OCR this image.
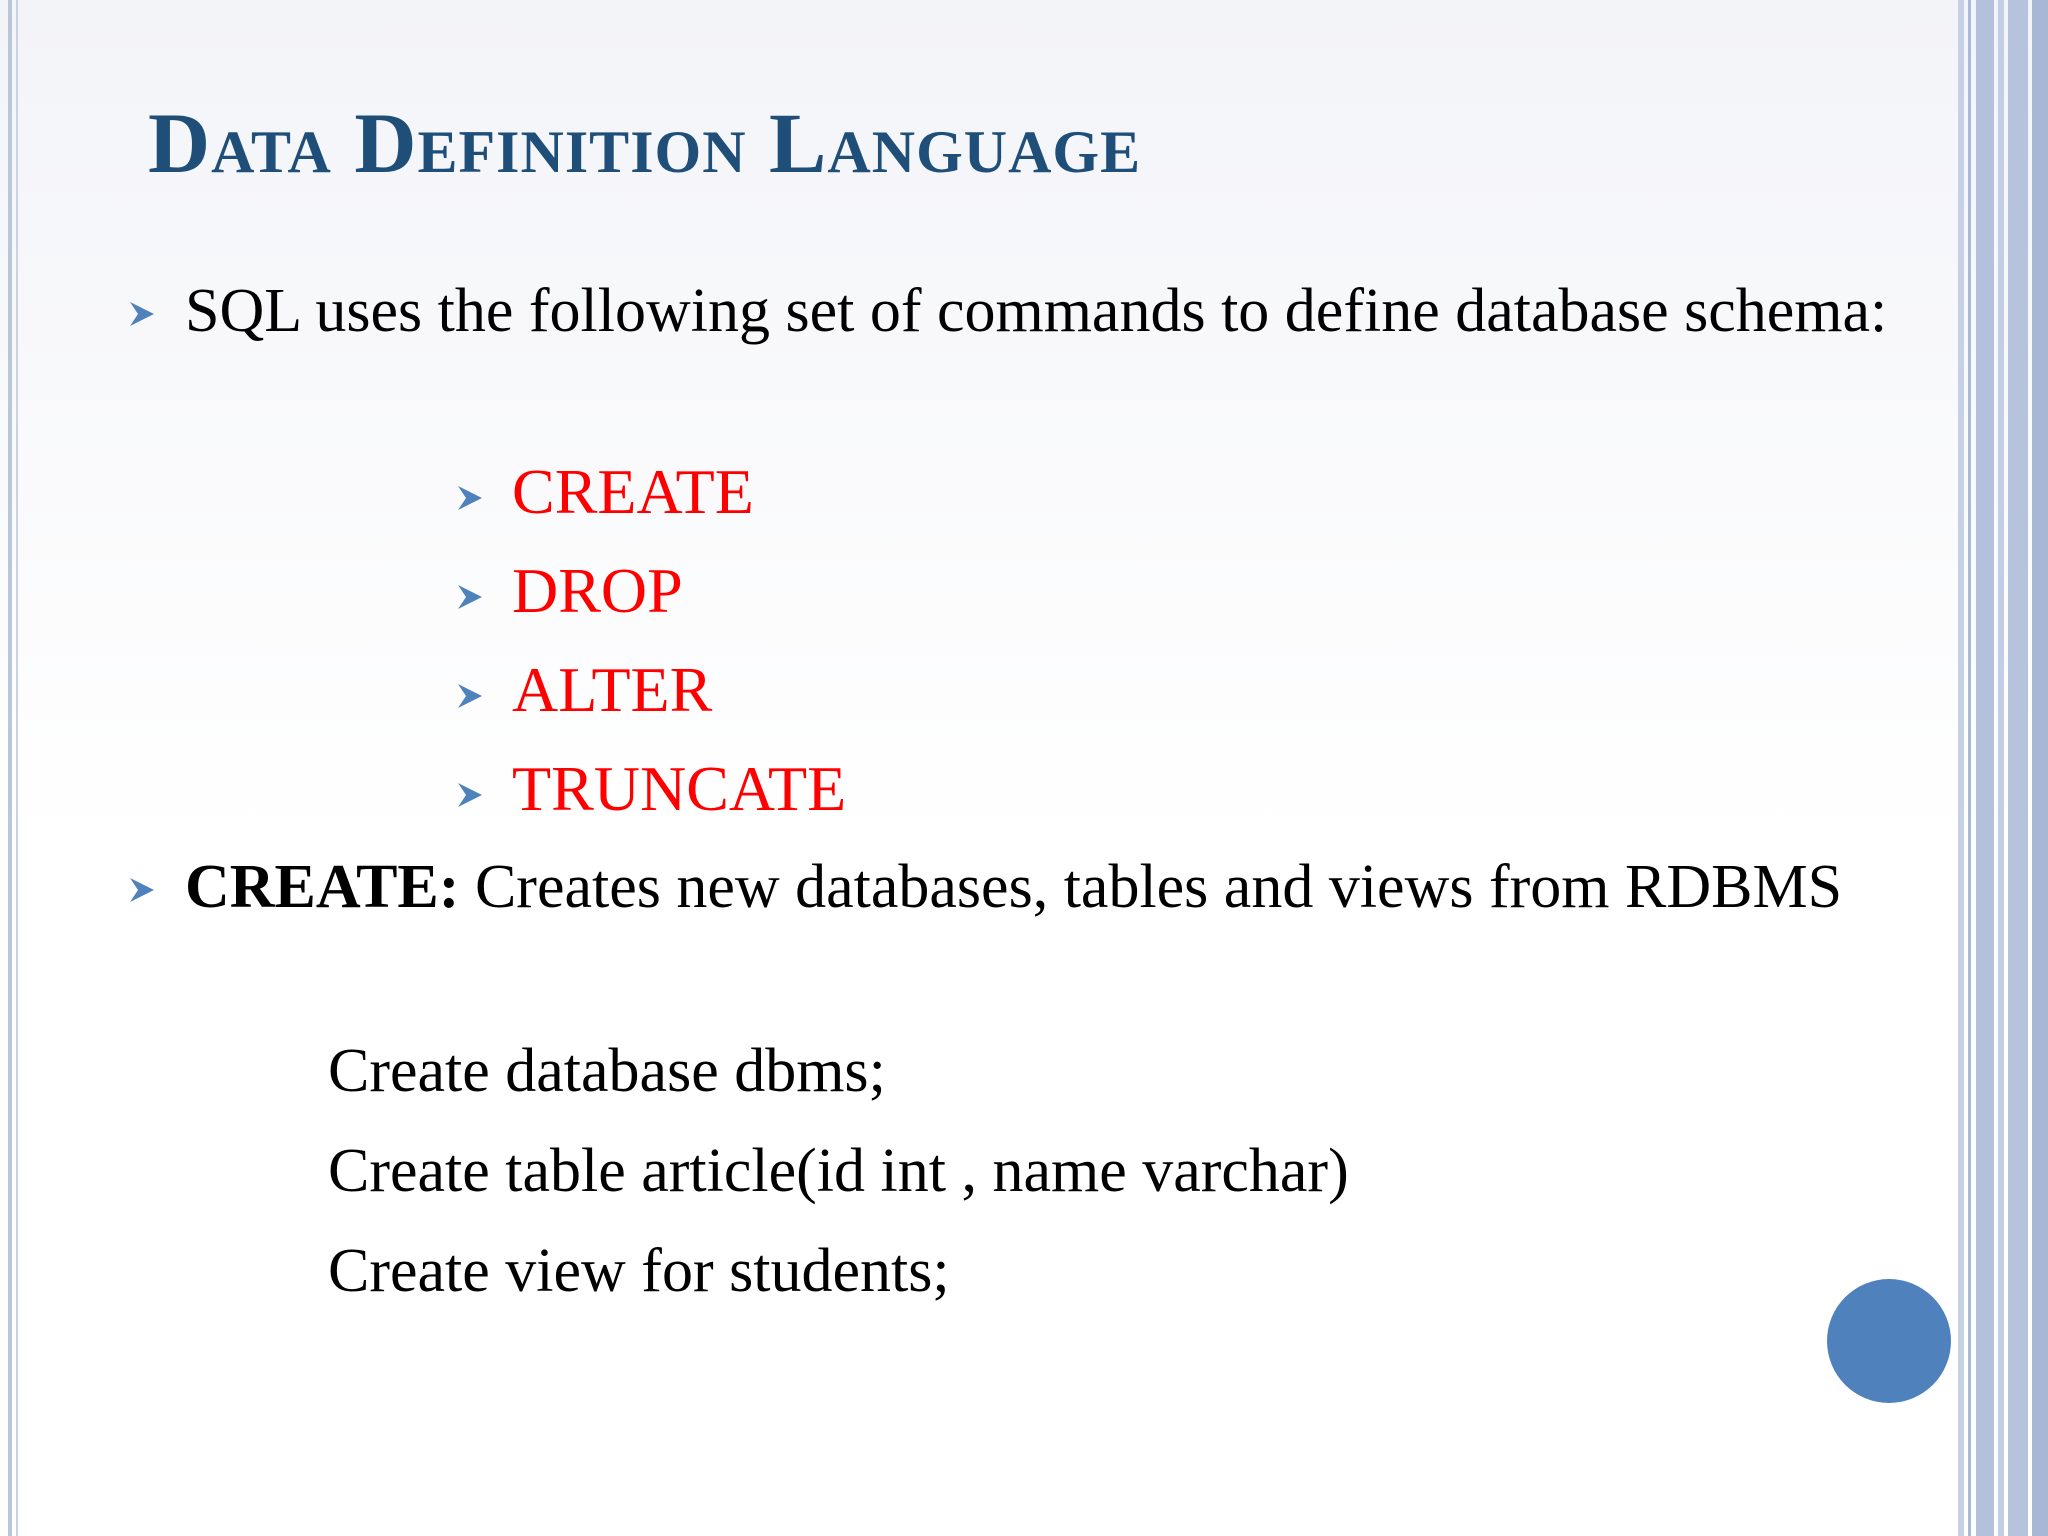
Data Definition Language
SQL uses the following set of commands to define database schema:
CREATE
DROP
ALTER
TRUNCATE
CREATE: Creates new databases, tables and views from RDBMS
Create database dbms;
Create table article(id int , name varchar)
Create view for students;
